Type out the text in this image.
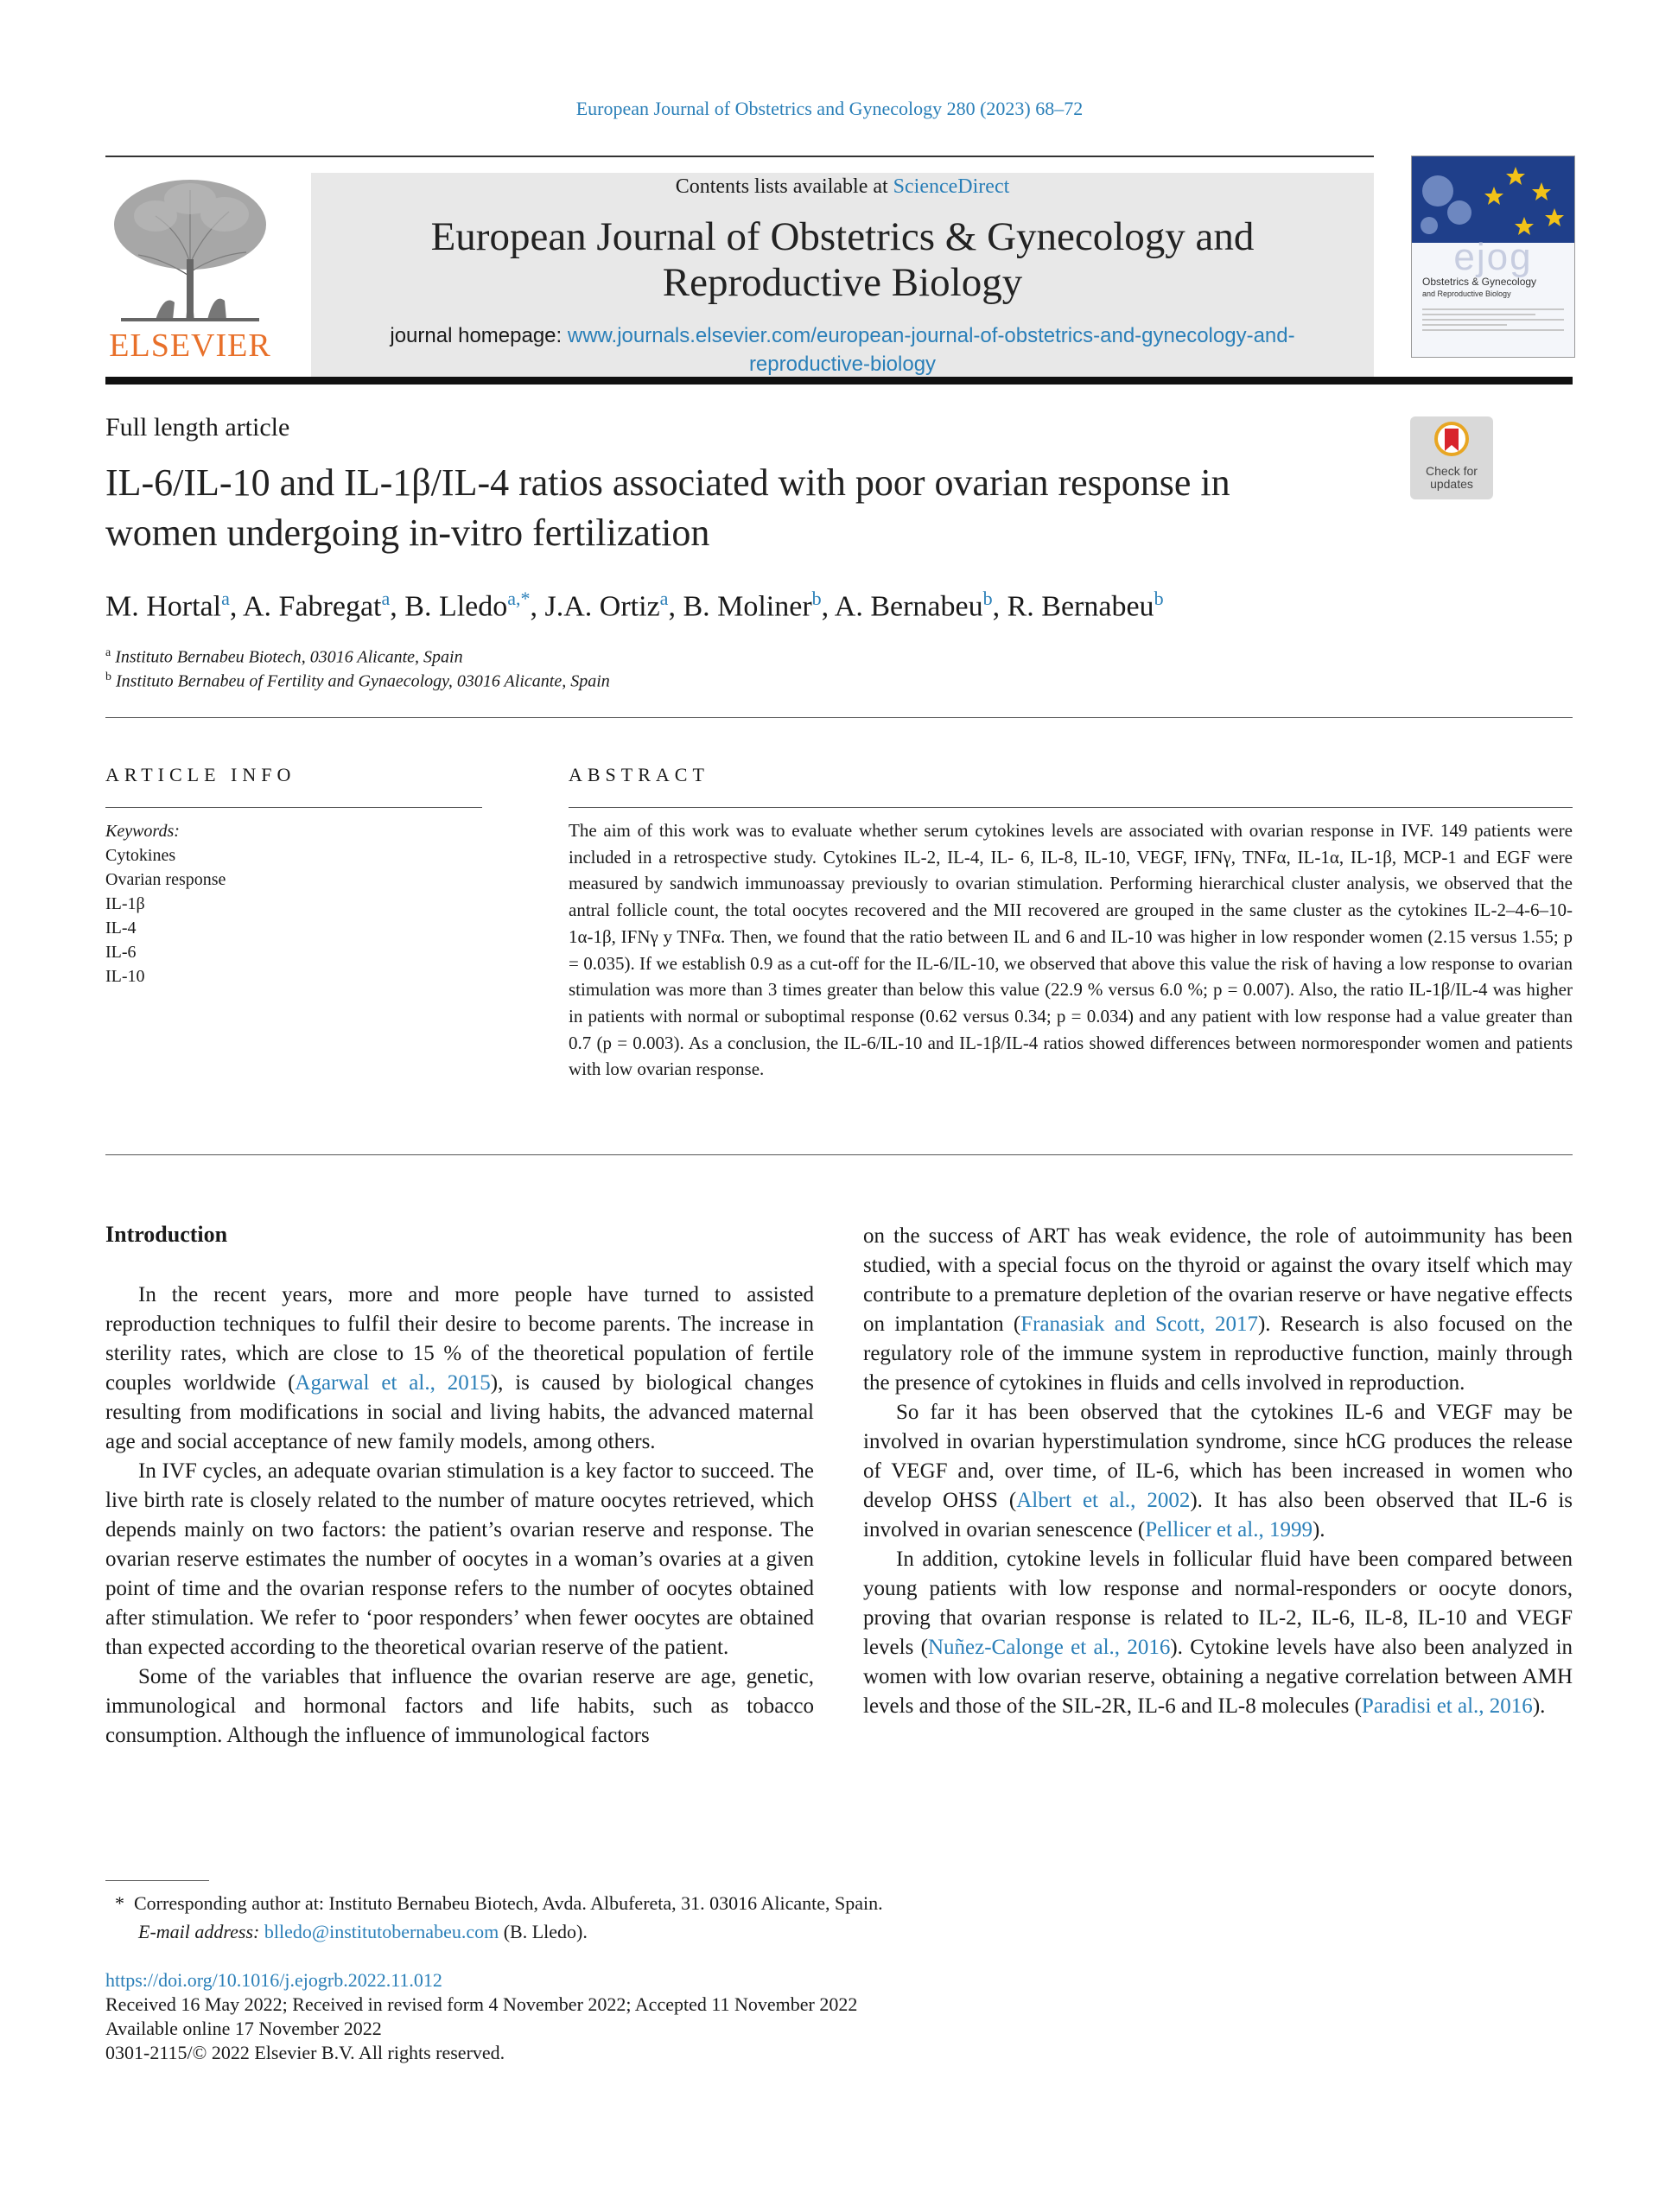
European Journal of Obstetrics and Gynecology 280 (2023) 68–72
ELSEVIER
Contents lists available at ScienceDirect
European Journal of Obstetrics & Gynecology and
Reproductive Biology
journal homepage: www.journals.elsevier.com/european-journal-of-obstetrics-and-gynecology-and-
reproductive-biology
ejog
Obstetrics & Gynecology
and Reproductive Biology
Full length article
Check for
updates
IL-6/IL-10 and IL-1β/IL-4 ratios associated with poor ovarian response in
women undergoing in-vitro fertilization
M. Hortal$^a$, A. Fabregat$^a$, B. Lledo$^{a,*}$, J.A. Ortiz$^a$, B. Moliner$^b$, A. Bernabeu$^b$, R. Bernabeu$^b$
$^a$ Instituto Bernabeu Biotech, 03016 Alicante, Spain
$^b$ Instituto Bernabeu of Fertility and Gynaecology, 03016 Alicante, Spain
ARTICLE INFO
Keywords:
Cytokines
Ovarian response
IL-1β
IL-4
IL-6
IL-10
ABSTRACT
The aim of this work was to evaluate whether serum cytokines levels are associated with ovarian response in IVF. 149 patients were included in a retrospective study. Cytokines IL-2, IL-4, IL- 6, IL-8, IL-10, VEGF, IFNγ, TNFα, IL-1α, IL-1β, MCP-1 and EGF were measured by sandwich immunoassay previously to ovarian stimulation. Performing hierarchical cluster analysis, we observed that the antral follicle count, the total oocytes recovered and the MII recovered are grouped in the same cluster as the cytokines IL-2–4-6–10-1α-1β, IFNγ y TNFα. Then, we found that the ratio between IL and 6 and IL-10 was higher in low responder women (2.15 versus 1.55; p = 0.035). If we establish 0.9 as a cut-off for the IL-6/IL-10, we observed that above this value the risk of having a low response to ovarian stimulation was more than 3 times greater than below this value (22.9 % versus 6.0 %; p = 0.007). Also, the ratio IL-1β/IL-4 was higher in patients with normal or suboptimal response (0.62 versus 0.34; p = 0.034) and any patient with low response had a value greater than 0.7 (p = 0.003). As a conclusion, the IL-6/IL-10 and IL-1β/IL-4 ratios showed differences between normoresponder women and patients with low ovarian response.
Introduction

In the recent years, more and more people have turned to assisted reproduction techniques to fulfil their desire to become parents. The increase in sterility rates, which are close to 15 % of the theoretical population of fertile couples worldwide (Agarwal et al., 2015), is caused by biological changes resulting from modifications in social and living habits, the advanced maternal age and social acceptance of new family models, among others.

In IVF cycles, an adequate ovarian stimulation is a key factor to succeed. The live birth rate is closely related to the number of mature oocytes retrieved, which depends mainly on two factors: the patient’s ovarian reserve and response. The ovarian reserve estimates the number of oocytes in a woman’s ovaries at a given point of time and the ovarian response refers to the number of oocytes obtained after stimulation. We refer to ‘poor responders’ when fewer oocytes are obtained than expected according to the theoretical ovarian reserve of the patient.

Some of the variables that influence the ovarian reserve are age, genetic, immunological and hormonal factors and life habits, such as tobacco consumption. Although the influence of immunological factors

on the success of ART has weak evidence, the role of autoimmunity has been studied, with a special focus on the thyroid or against the ovary itself which may contribute to a premature depletion of the ovarian reserve or have negative effects on implantation (Franasiak and Scott, 2017). Research is also focused on the regulatory role of the immune system in reproductive function, mainly through the presence of cytokines in fluids and cells involved in reproduction.

So far it has been observed that the cytokines IL-6 and VEGF may be involved in ovarian hyperstimulation syndrome, since hCG produces the release of VEGF and, over time, of IL-6, which has been increased in women who develop OHSS (Albert et al., 2002). It has also been observed that IL-6 is involved in ovarian senescence (Pellicer et al., 1999).

In addition, cytokine levels in follicular fluid have been compared between young patients with low response and normal-responders or oocyte donors, proving that ovarian response is related to IL-2, IL-6, IL-8, IL-10 and VEGF levels (Nuñez-Calonge et al., 2016). Cytokine levels have also been analyzed in women with low ovarian reserve, obtaining a negative correlation between AMH levels and those of the SIL-2R, IL-6 and IL-8 molecules (Paradisi et al., 2016).

* Corresponding author at: Instituto Bernabeu Biotech, Avda. Albufereta, 31. 03016 Alicante, Spain.
E-mail address: blledo@institutobernabeu.com (B. Lledo).
https://doi.org/10.1016/j.ejogrb.2022.11.012
Received 16 May 2022; Received in revised form 4 November 2022; Accepted 11 November 2022
Available online 17 November 2022
0301-2115/© 2022 Elsevier B.V. All rights reserved.
